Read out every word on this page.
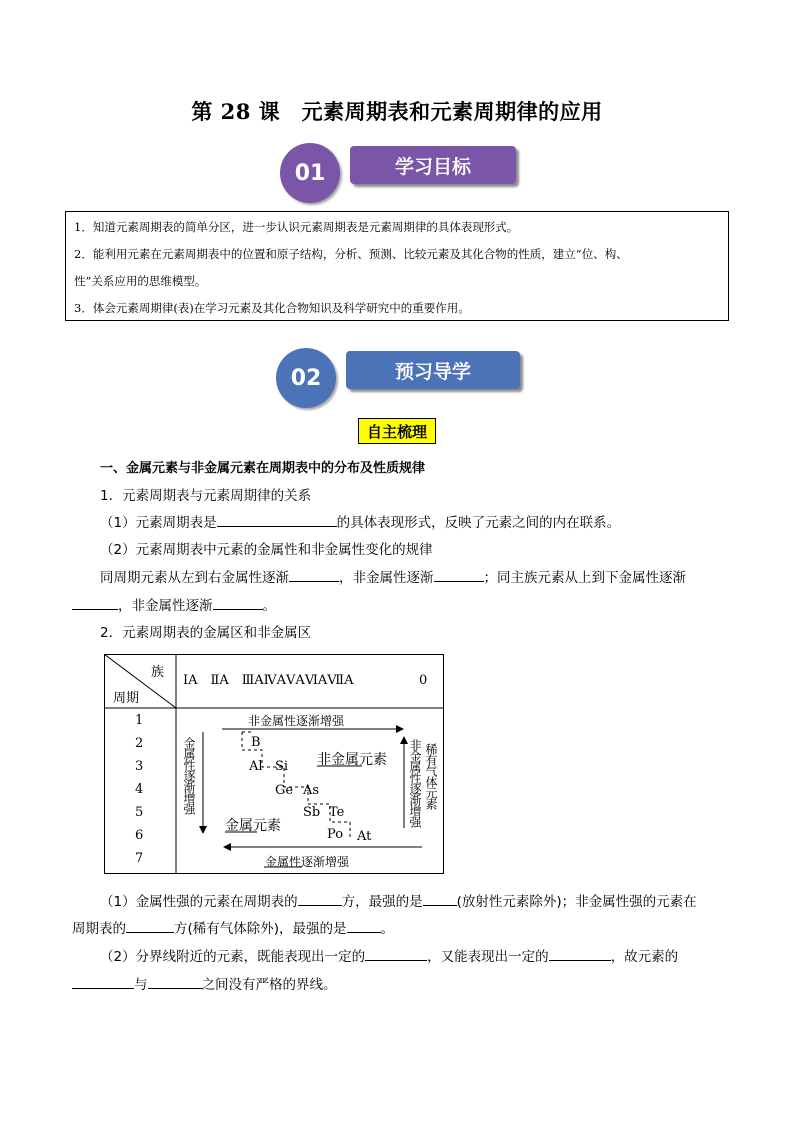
第 28 课　元素周期表和元素周期律的应用
学习目标
01

1．知道元素周期表的简单分区，进一步认识元素周期表是元素周期律的具体表现形式。

2．能利用元素在元素周期表中的位置和原子结构，分析、预测、比较元素及其化合物的性质，建立“位、构、

性”关系应用的思维模型。

3．体会元素周期律(表)在学习元素及其化合物知识及科学研究中的重要作用。

预习导学
02
自主梳理
一、金属元素与非金属元素在周期表中的分布及性质规律
1．元素周期表与元素周期律的关系
（1）元素周期表是	的具体表现形式，反映了元素之间的内在联系。
（2）元素周期表中元素的金属性和非金属性变化的规律
同周期元素从左到右金属性逐渐	，非金属性逐渐	；同主族元素从上到下金属性逐渐
，非金属性逐渐	。
2．元素周期表的金属区和非金属区
族
周期
ⅠA　ⅡA　ⅢAⅣAⅤAⅥAⅦA	0
1
2
3
4
5
6
7
非金属性逐渐增强
金属性逐渐增强
金属性逐渐增强	非金属性逐渐增强 稀有气体元素
非金属元素
金属元素
B
Al Si
Ge As
Sb Te
Po At
（1）金属性强的元素在周期表的	方，最强的是	(放射性元素除外)；非金属性强的元素在
周期表的	方(稀有气体除外)，最强的是	。
（2）分界线附近的元素，既能表现出一定的	，又能表现出一定的	，故元素的
与	之间没有严格的界线。
